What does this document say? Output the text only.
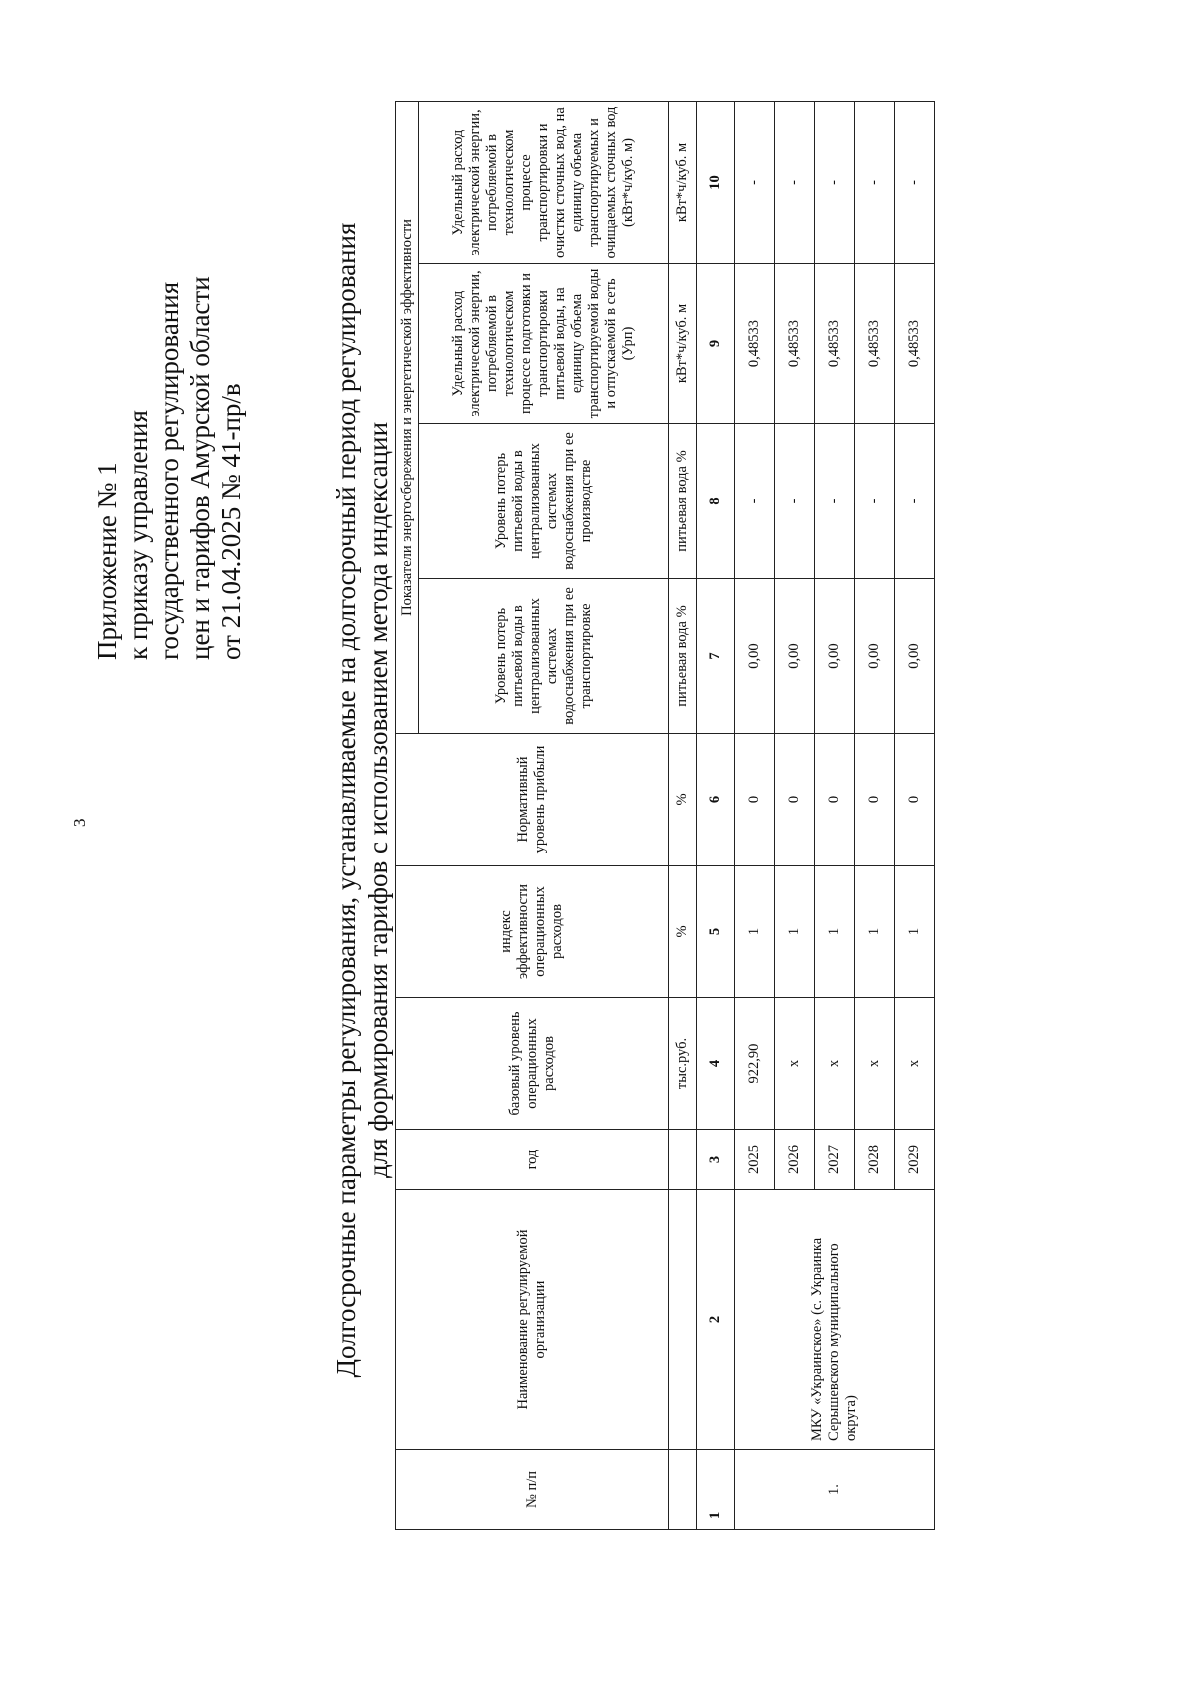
3
Приложение № 1 к приказу управления государственного регулирования цен и тарифов Амурской области от 21.04.2025 № 41-пр/в	Долгосрочные параметры регулирования, устанавливаемые на долгосрочный период регулирования для формирования тарифов с использованием метода индексации
№ п/п	Наименование регулируемой организации	год	базовый уровень операционных расходов	индекс эффективности операционных расходов	Нормативный уровень прибыли	Показатели энергосбережения и энергетической эффективности			
						Уровень потерь питьевой воды в централизованных системах водоснабжения при ее транспортировке	Уровень потерь питьевой воды в централизованных системах водоснабжения при ее производстве	Удельный расход электрической энергии, потребляемой в технологическом процессе подготовки и транспортировки питьевой воды, на единицу объема транспортируемой воды и отпускаемой в сеть (Урп)	Удельный расход электрической энергии, потребляемой в технологическом процессе транспортировки и очистки сточных вод, на единицу объема транспортируемых и очищаемых сточных вод (кВт*ч/куб. м)
			тыс.руб.	%	%	питьевая вода %	питьевая вода %	кВт*ч/куб. м	кВт*ч/куб. м
1	2	3	4	5	6	7	8	9	10
1.	МКУ «Украинское» (с. Украинка Серышевского муниципального округа)	2025	922,90	1	0	0,00	-	0,48533	-
		2026	х	1	0	0,00	-	0,48533	-
		2027	х	1	0	0,00	-	0,48533	-
		2028	х	1	0	0,00	-	0,48533	-
		2029	х	1	0	0,00	-	0,48533	-
